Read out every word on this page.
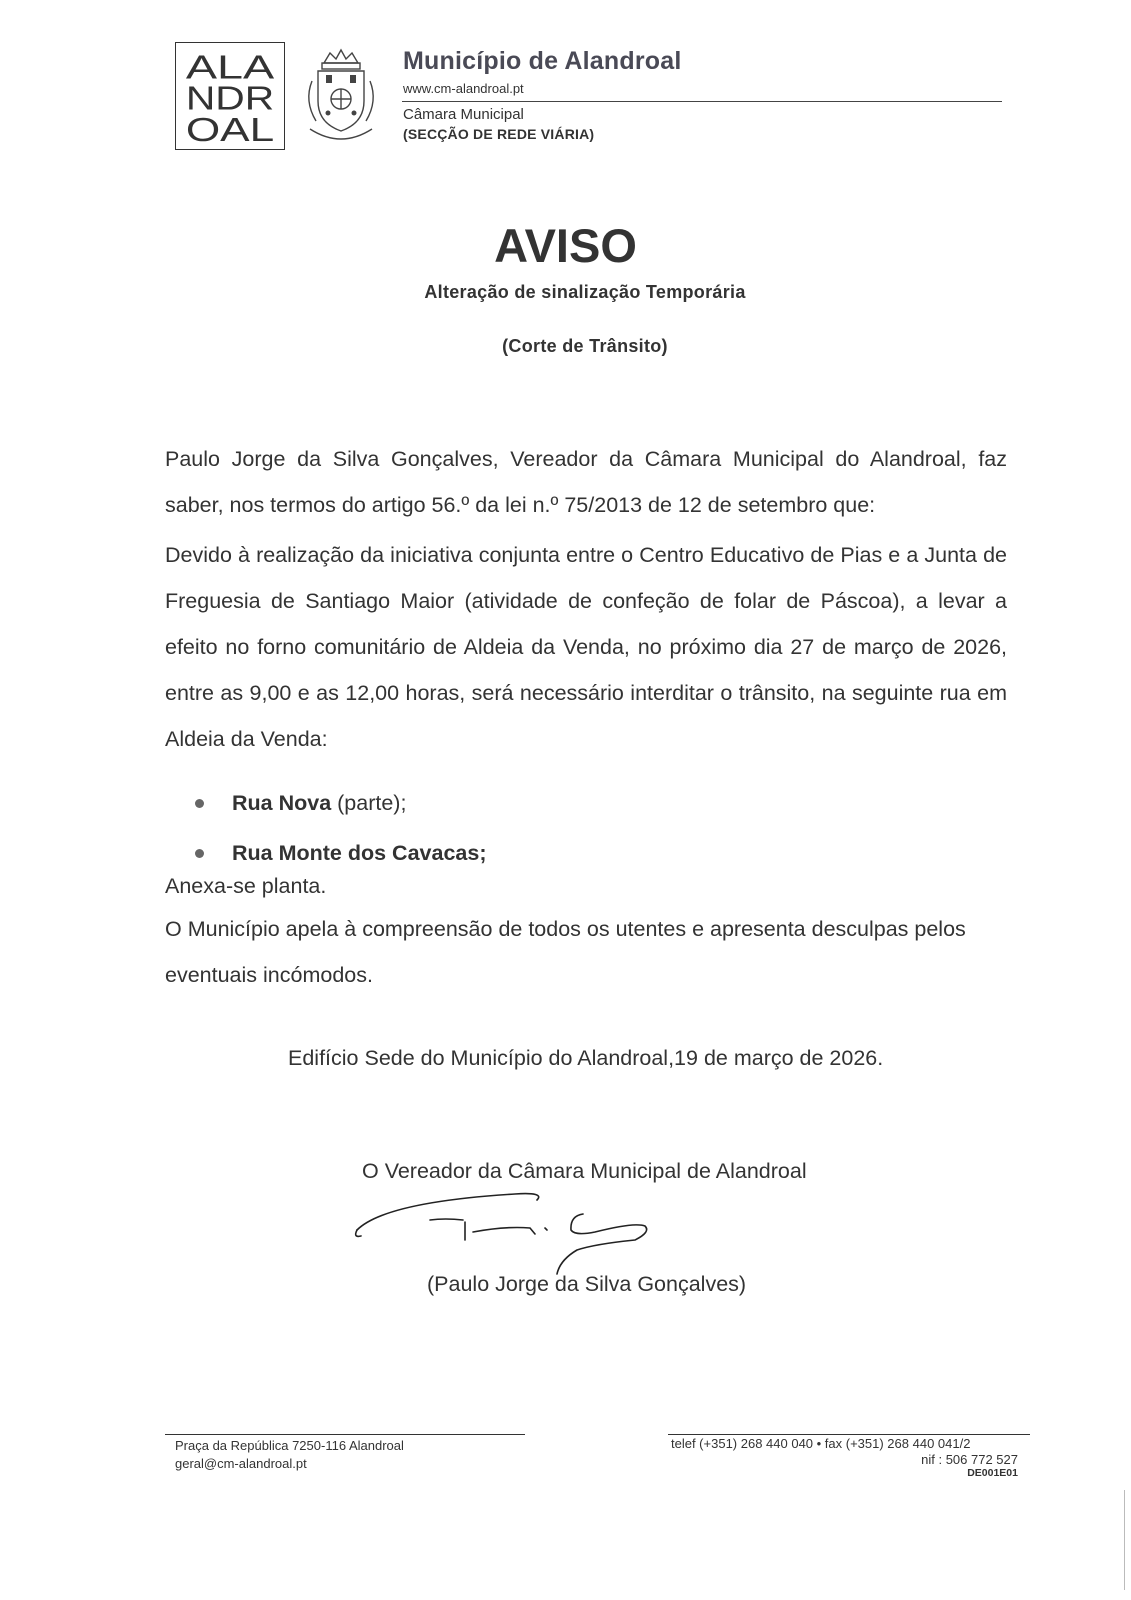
ALA
NDR
OAL
Município de Alandroal
www.cm-alandroal.pt
Câmara Municipal
(SECÇÃO DE REDE VIÁRIA)
AVISO
Alteração de sinalização Temporária
(Corte de Trânsito)
Paulo Jorge da Silva Gonçalves, Vereador da Câmara Municipal do Alandroal, faz saber, nos termos do artigo 56.º da lei n.º 75/2013 de 12 de setembro que:
Devido à realização da iniciativa conjunta entre o Centro Educativo de Pias e a Junta de Freguesia de Santiago Maior (atividade de confeção de folar de Páscoa), a levar a efeito no forno comunitário de Aldeia da Venda, no próximo dia 27 de março de 2026, entre as 9,00 e as 12,00 horas, será necessário interditar o trânsito, na seguinte rua em Aldeia da Venda:
Rua Nova (parte);
Rua Monte dos Cavacas;
Anexa-se planta.
O Município apela à compreensão de todos os utentes e apresenta desculpas pelos eventuais incómodos.
Edifício Sede do Município do Alandroal,19 de março de 2026.
O Vereador da Câmara Municipal de Alandroal
(Paulo Jorge da Silva Gonçalves)
Praça da República 7250-116 Alandroal
geral@cm-alandroal.pt
telef (+351) 268 440 040 • fax (+351) 268 440 041/2
nif : 506 772 527
DE001E01
